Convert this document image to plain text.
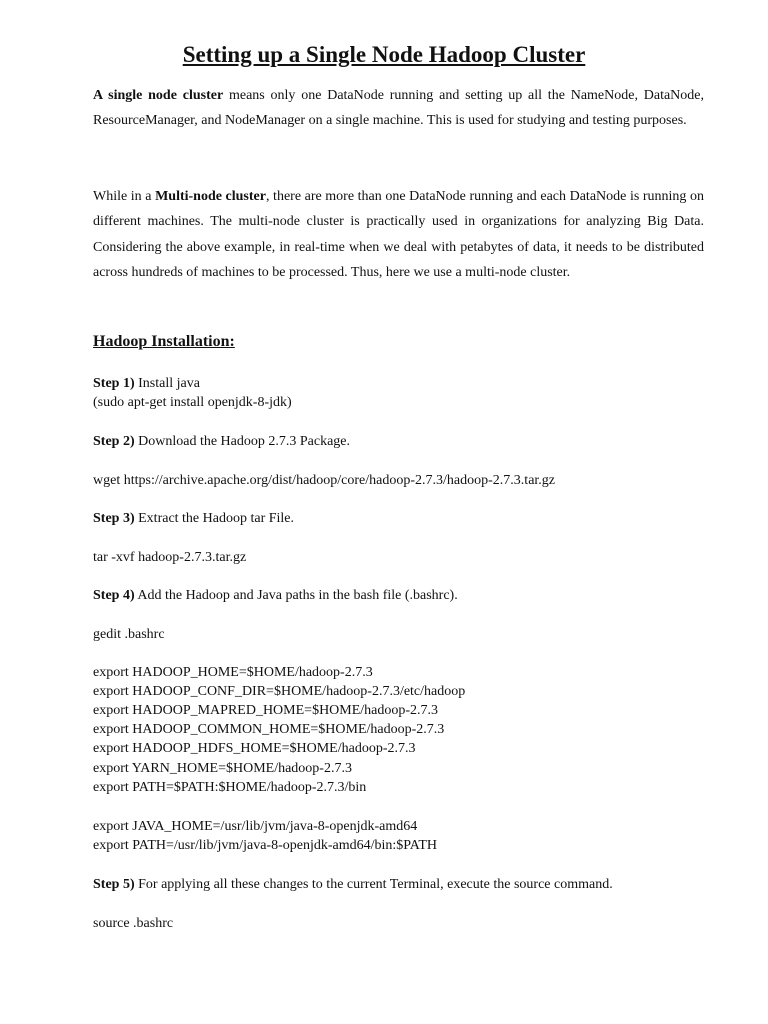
Setting up a Single Node Hadoop Cluster

A single node cluster means only one DataNode running and setting up all the NameNode, DataNode, ResourceManager, and NodeManager on a single machine. This is used for studying and testing purposes.

While in a Multi-node cluster, there are more than one DataNode running and each DataNode is running on different machines. The multi-node cluster is practically used in organizations for analyzing Big Data. Considering the above example, in real-time when we deal with petabytes of data, it needs to be distributed across hundreds of machines to be processed. Thus, here we use a multi-node cluster.

Hadoop Installation:

Step 1) Install java

(sudo apt-get install openjdk-8-jdk)

Step 2) Download the Hadoop 2.7.3 Package.

wget https://archive.apache.org/dist/hadoop/core/hadoop-2.7.3/hadoop-2.7.3.tar.gz

Step 3) Extract the Hadoop tar File.

tar -xvf hadoop-2.7.3.tar.gz

Step 4) Add the Hadoop and Java paths in the bash file (.bashrc).

gedit .bashrc

export HADOOP_HOME=$HOME/hadoop-2.7.3

export HADOOP_CONF_DIR=$HOME/hadoop-2.7.3/etc/hadoop

export HADOOP_MAPRED_HOME=$HOME/hadoop-2.7.3

export HADOOP_COMMON_HOME=$HOME/hadoop-2.7.3

export HADOOP_HDFS_HOME=$HOME/hadoop-2.7.3

export YARN_HOME=$HOME/hadoop-2.7.3

export PATH=$PATH:$HOME/hadoop-2.7.3/bin

export JAVA_HOME=/usr/lib/jvm/java-8-openjdk-amd64

export PATH=/usr/lib/jvm/java-8-openjdk-amd64/bin:$PATH

Step 5) For applying all these changes to the current Terminal, execute the source command.

source .bashrc
